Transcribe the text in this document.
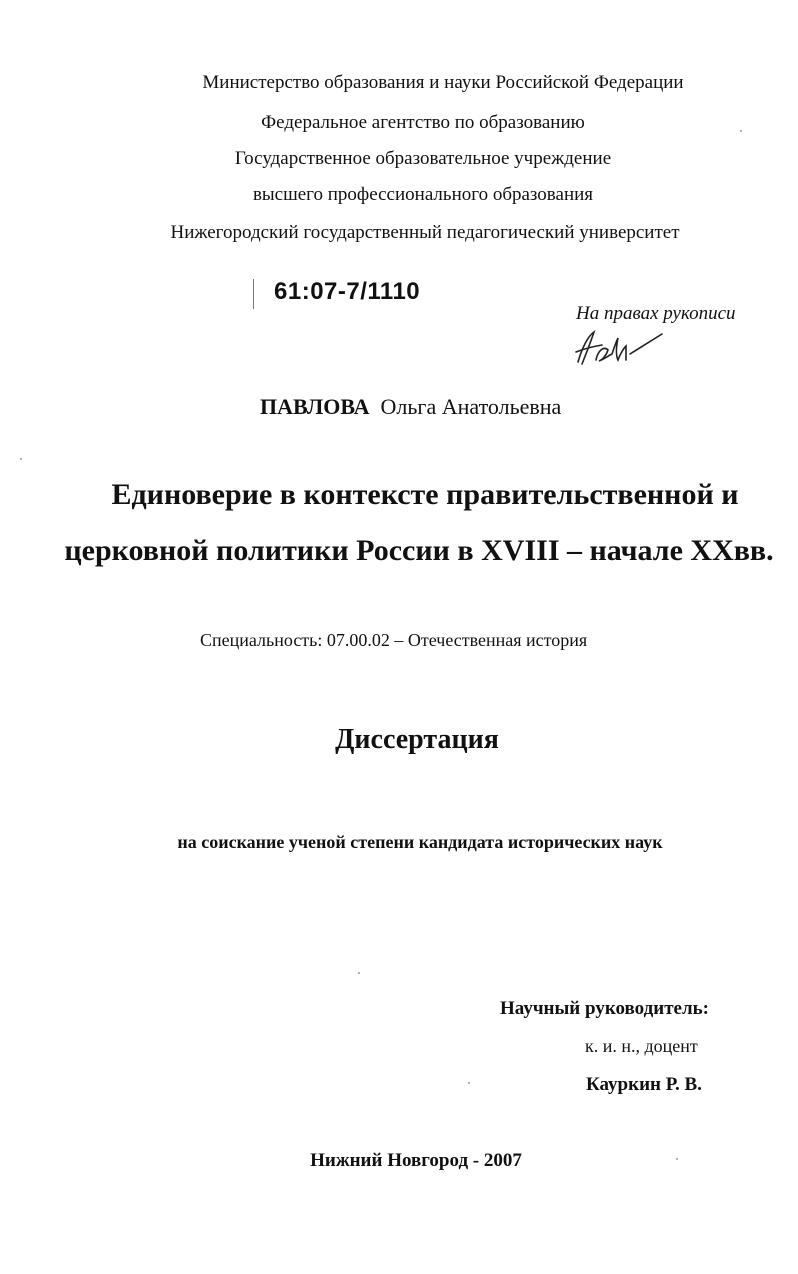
Министерство образования и науки Российской Федерации
Федеральное агентство по образованию
Государственное образовательное учреждение
высшего профессионального образования
Нижегородский государственный педагогический университет
61:07-7/1110
На правах рукописи
ПАВЛОВА Ольга Анатольевна
Единоверие в контексте правительственной и
церковной политики России в XVIII – начале XXвв.
Специальность: 07.00.02 – Отечественная история
Диссертация
на соискание ученой степени кандидата исторических наук
Научный руководитель:
к. и. н., доцент
Кауркин Р. В.
Нижний Новгород - 2007
